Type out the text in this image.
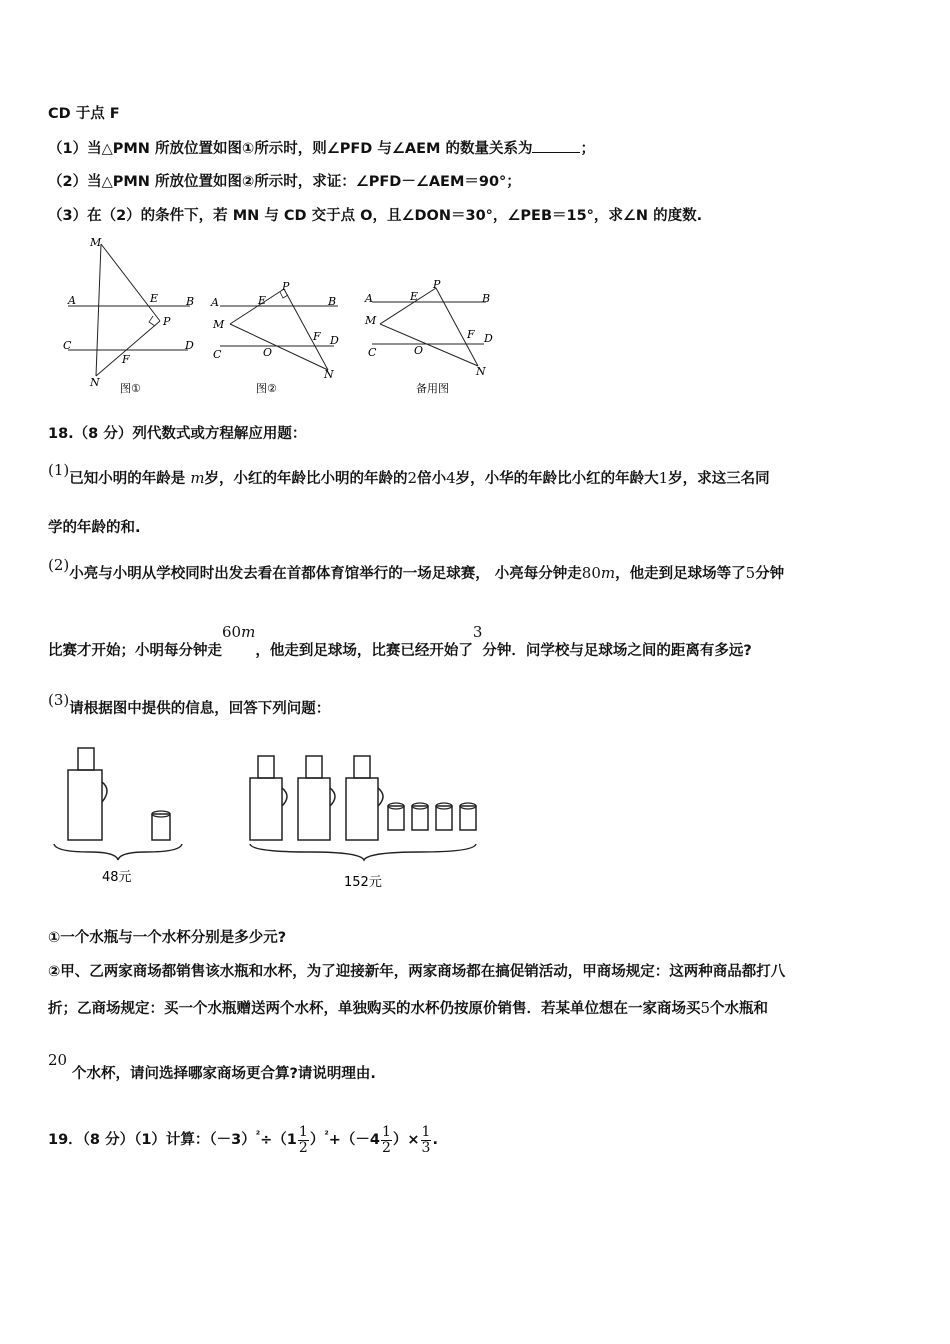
CD 于点 F
（1）当△PMN 所放位置如图①所示时，则∠PFD 与∠AEM 的数量关系为	；
（2）当△PMN 所放位置如图②所示时，求证：∠PFD－∠AEM＝90°；
（3）在（2）的条件下，若 MN 与 CD 交于点 O，且∠DON＝30°，∠PEB＝15°，求∠N 的度数.
M
A	B
E
P
C	D
F
N 图①
A	B
E
P
M
C
D
F
O
N
图②
A	B
E
P
M
C
D
F
O
N
备用图
18.（8 分）列代数式或方程解应用题：
(1)已知小明的年龄是 m岁，小红的年龄比小明的年龄的2倍小4岁，小华的年龄比小红的年龄大1岁，求这三名同
学的年龄的和.
(2)小亮与小明从学校同时出发去看在首都体育馆举行的一场足球赛， 小亮每分钟走80m，他走到足球场等了5分钟
比赛才开始；小明每分钟走60m，他走到足球场，比赛已经开始了3分钟．问学校与足球场之间的距离有多远?
(3)请根据图中提供的信息，回答下列问题：
48元	152元
①一个水瓶与一个水杯分别是多少元?
②甲、乙两家商场都销售该水瓶和水杯，为了迎接新年，两家商场都在搞促销活动，甲商场规定：这两种商品都打八
折；乙商场规定：买一个水瓶赠送两个水杯，单独购买的水杯仍按原价销售．若某单位想在一家商场买5个水瓶和
20
个水杯，请问选择哪家商场更合算?请说明理由.
19．（8 分）（1）计算：$(-3)^{^2}\div(1 \frac{1}{2} )^{^2}+(-4 \frac{1}{2}$ ）× $\frac{1}{3}$ .
